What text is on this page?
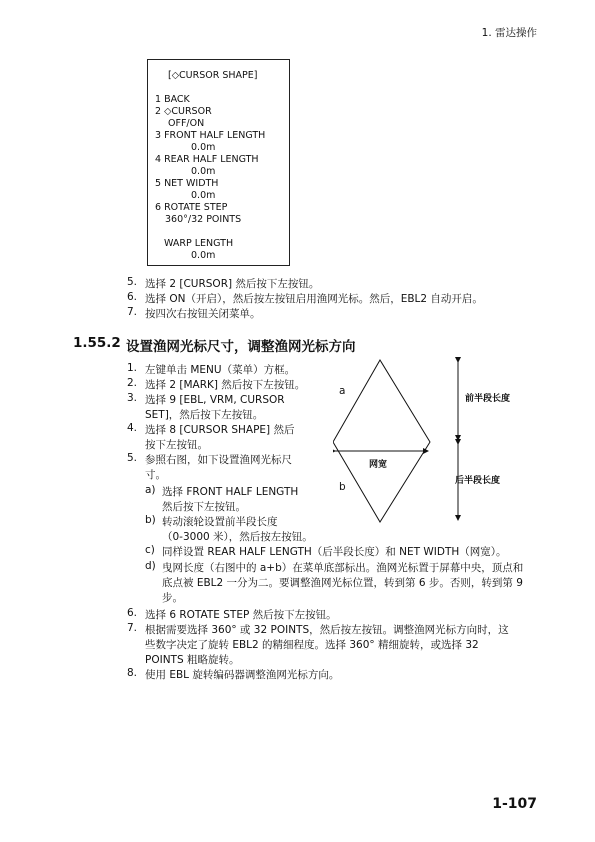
1. 雷达操作
[◇CURSOR SHAPE]
1 BACK
2 ◇CURSOR
OFF/ON
3 FRONT HALF LENGTH
0.0m
4 REAR HALF LENGTH
0.0m
5 NET WIDTH
0.0m
6 ROTATE STEP
360°/32 POINTS
WARP LENGTH
0.0m
5. 选择 2 [CURSOR] 然后按下左按钮。
6. 选择 ON（开启），然后按左按钮启用渔网光标。然后，EBL2 自动开启。
7. 按四次右按钮关闭菜单。
1.55.2 设置渔网光标尺寸，调整渔网光标方向
1. 左键单击 MENU（菜单）方框。
2. 选择 2 [MARK] 然后按下左按钮。
3. 选择 9 [EBL, VRM, CURSOR
SET]，然后按下左按钮。
4. 选择 8 [CURSOR SHAPE] 然后
按下左按钮。
5. 参照右图，如下设置渔网光标尺
寸。
a) 选择 FRONT HALF LENGTH
然后按下左按钮。
b) 转动滚轮设置前半段长度
（0-3000 米），然后按左按钮。
c) 同样设置 REAR HALF LENGTH（后半段长度）和 NET WIDTH（网宽）。
d) 曳网长度（右图中的 a+b）在菜单底部标出。渔网光标置于屏幕中央，顶点和
底点被 EBL2 一分为二。要调整渔网光标位置，转到第 6 步。否则，转到第 9
步。
6. 选择 6 ROTATE STEP 然后按下左按钮。
7. 根据需要选择 360° 或 32 POINTS，然后按左按钮。调整渔网光标方向时，这
些数字决定了旋转 EBL2 的精细程度。选择 360° 精细旋转，或选择 32
POINTS 粗略旋转。
8. 使用 EBL 旋转编码器调整渔网光标方向。
a
b
网宽
前半段长度
后半段长度
1-107
